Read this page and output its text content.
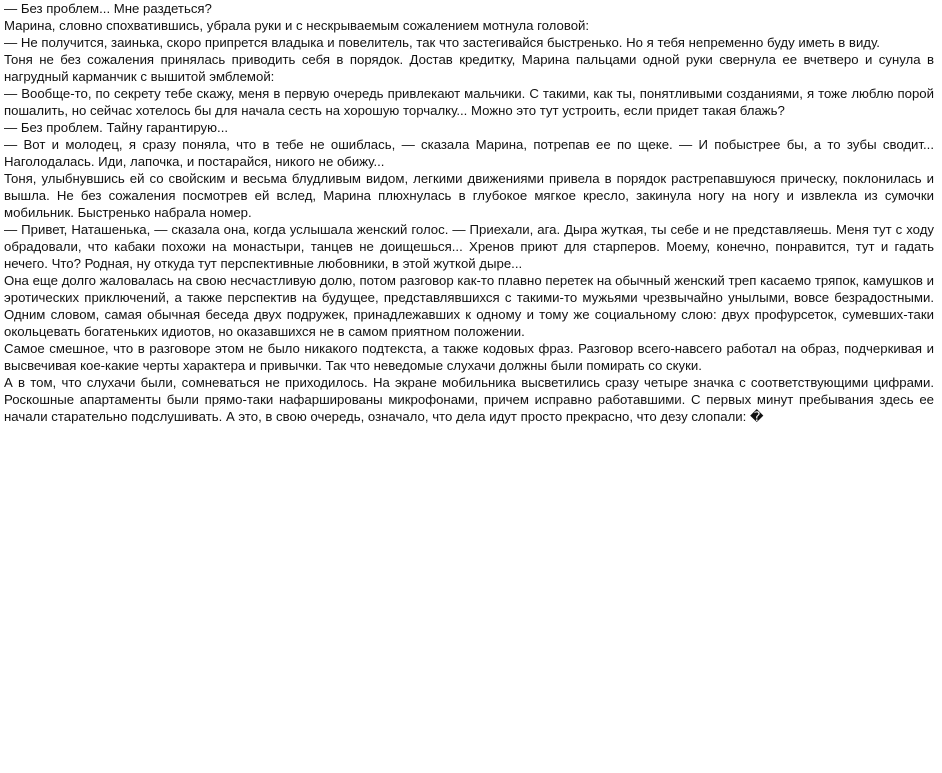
— Без проблем... Мне раздеться?

Марина, словно спохватившись, убрала руки и с нескрываемым сожалением мотнула головой:

— Не получится, заинька, скоро припрется владыка и повелитель, так что застегивайся быстренько. Но я тебя непременно буду иметь в виду.

Тоня не без сожаления принялась приводить себя в порядок. Достав кредитку, Марина пальцами одной руки свернула ее вчетверо и сунула в нагрудный карманчик с вышитой эмблемой:

— Вообще-то, по секрету тебе скажу, меня в первую очередь привлекают мальчики. С такими, как ты, понятливыми созданиями, я тоже люблю порой пошалить, но сейчас хотелось бы для начала сесть на хорошую торчалку... Можно это тут устроить, если придет такая блажь?

— Без проблем. Тайну гарантирую...

— Вот и молодец, я сразу поняла, что в тебе не ошиблась, — сказала Марина, потрепав ее по щеке. — И побыстрее бы, а то зубы сводит... Наголодалась. Иди, лапочка, и постарайся, никого не обижу...

Тоня, улыбнувшись ей со свойским и весьма блудливым видом, легкими движениями привела в порядок растрепавшуюся прическу, поклонилась и вышла. Не без сожаления посмотрев ей вслед, Марина плюхнулась в глубокое мягкое кресло, закинула ногу на ногу и извлекла из сумочки мобильник. Быстренько набрала номер.

— Привет, Наташенька, — сказала она, когда услышала женский голос. — Приехали, ага. Дыра жуткая, ты себе и не представляешь. Меня тут с ходу обрадовали, что кабаки похожи на монастыри, танцев не доищешься... Хренов приют для старперов. Моему, конечно, понравится, тут и гадать нечего. Что? Родная, ну откуда тут перспективные любовники, в этой жуткой дыре...

Она еще долго жаловалась на свою несчастливую долю, потом разговор как-то плавно перетек на обычный женский треп касаемо тряпок, камушков и эротических приключений, а также перспектив на будущее, представлявшихся с такими-то мужьями чрезвычайно унылыми, вовсе безрадостными. Одним словом, самая обычная беседа двух подружек, принадлежавших к одному и тому же социальному слою: двух профурсеток, сумевших-таки окольцевать богатеньких идиотов, но оказавшихся не в самом приятном положении.

Самое смешное, что в разговоре этом не было никакого подтекста, а также кодовых фраз. Разговор всего-навсего работал на образ, подчеркивая и высвечивая кое-какие черты характера и привычки. Так что неведомые слухачи должны были помирать со скуки.

А в том, что слухачи были, сомневаться не приходилось. На экране мобильника высветились сразу четыре значка с соответствующими цифрами. Роскошные апартаменты были прямо-таки нафаршированы микрофонами, причем исправно работавшими. С первых минут пребывания здесь ее начали старательно подслушивать. А это, в свою очередь, означало, что дела идут просто прекрасно, что дезу слопали: �
